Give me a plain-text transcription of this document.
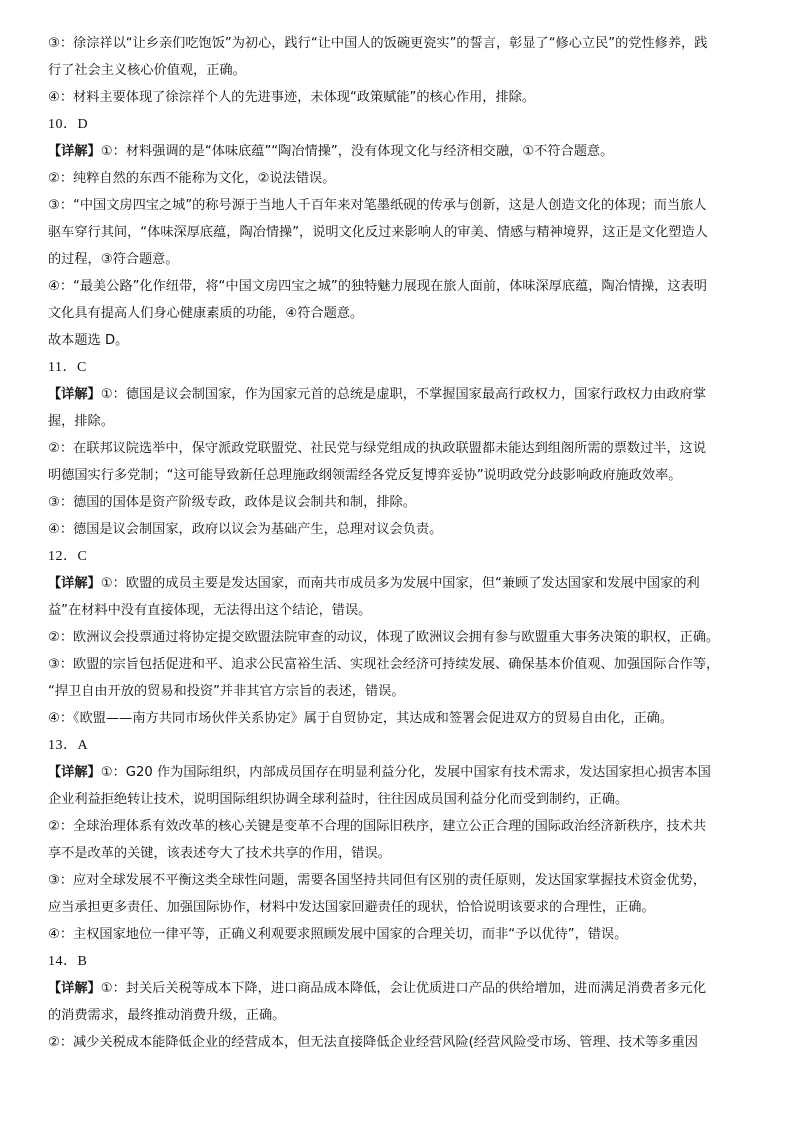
③：徐淙祥以“让乡亲们吃饱饭”为初心，践行“让中国人的饭碗更瓷实”的誓言，彰显了“修心立民”的党性修养，践
行了社会主义核心价值观，正确。
④：材料主要体现了徐淙祥个人的先进事迹，未体现“政策赋能”的核心作用，排除。
10．D
【详解】①：材料强调的是“体味底蕴”“陶冶情操”，没有体现文化与经济相交融，①不符合题意。
②：纯粹自然的东西不能称为文化，②说法错误。
③：“中国文房四宝之城”的称号源于当地人千百年来对笔墨纸砚的传承与创新，这是人创造文化的体现；而当旅人
驱车穿行其间，“体味深厚底蕴，陶冶情操”，说明文化反过来影响人的审美、情感与精神境界，这正是文化塑造人
的过程，③符合题意。
④：“最美公路”化作纽带，将“中国文房四宝之城”的独特魅力展现在旅人面前，体味深厚底蕴，陶冶情操，这表明
文化具有提高人们身心健康素质的功能，④符合题意。
故本题选 D。
11．C
【详解】①：德国是议会制国家，作为国家元首的总统是虚职，不掌握国家最高行政权力，国家行政权力由政府掌
握，排除。
②：在联邦议院选举中，保守派政党联盟党、社民党与绿党组成的执政联盟都未能达到组阁所需的票数过半，这说
明德国实行多党制；“这可能导致新任总理施政纲领需经各党反复博弈妥协”说明政党分歧影响政府施政效率。
③：德国的国体是资产阶级专政，政体是议会制共和制，排除。
④：德国是议会制国家，政府以议会为基础产生，总理对议会负责。
12．C
【详解】①：欧盟的成员主要是发达国家，而南共市成员多为发展中国家，但“兼顾了发达国家和发展中国家的利
益”在材料中没有直接体现，无法得出这个结论，错误。
②：欧洲议会投票通过将协定提交欧盟法院审查的动议，体现了欧洲议会拥有参与欧盟重大事务决策的职权，正确。
③：欧盟的宗旨包括促进和平、追求公民富裕生活、实现社会经济可持续发展、确保基本价值观、加强国际合作等，
“捍卫自由开放的贸易和投资”并非其官方宗旨的表述，错误。
④：《欧盟——南方共同市场伙伴关系协定》属于自贸协定，其达成和签署会促进双方的贸易自由化，正确。
13．A
【详解】①：G20 作为国际组织，内部成员国存在明显利益分化，发展中国家有技术需求，发达国家担心损害本国
企业利益拒绝转让技术，说明国际组织协调全球利益时，往往因成员国利益分化而受到制约，正确。
②：全球治理体系有效改革的核心关键是变革不合理的国际旧秩序，建立公正合理的国际政治经济新秩序，技术共
享不是改革的关键，该表述夸大了技术共享的作用，错误。
③：应对全球发展不平衡这类全球性问题，需要各国坚持共同但有区别的责任原则，发达国家掌握技术资金优势，
应当承担更多责任、加强国际协作，材料中发达国家回避责任的现状，恰恰说明该要求的合理性，正确。
④：主权国家地位一律平等，正确义利观要求照顾发展中国家的合理关切，而非“予以优待”，错误。
14．B
【详解】①：封关后关税等成本下降，进口商品成本降低，会让优质进口产品的供给增加，进而满足消费者多元化
的消费需求，最终推动消费升级，正确。
②：减少关税成本能降低企业的经营成本，但无法直接降低企业经营风险(经营风险受市场、管理、技术等多重因
